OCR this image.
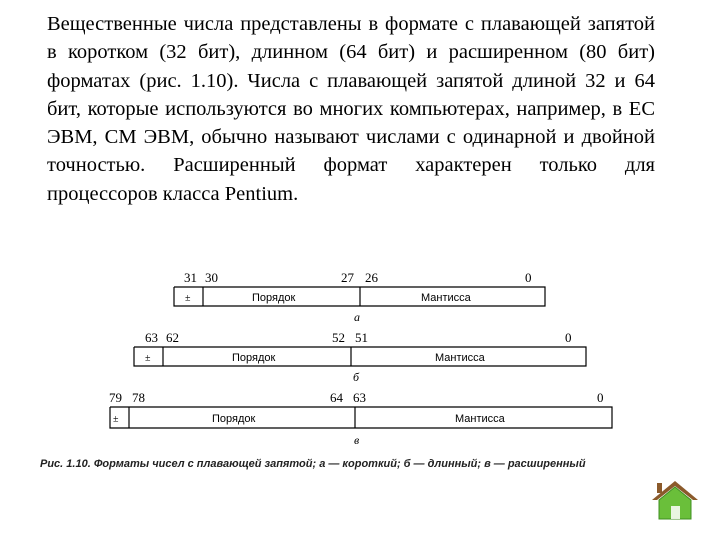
Вещественные числа представлены в формате с плавающей запятой в коротком (32 бит), длинном (64 бит) и расширенном (80 бит) форматах (рис. 1.10). Числа с плавающей запятой длиной 32 и 64 бит, которые используются во многих компьютерах, например, в ЕС ЭВМ, СМ ЭВМ, обычно называют числами с одинарной и двойной точностью. Расширенный формат характерен только для процессоров класса Pentium.
31 30	27 26	0
±	Порядок	Мантисса
а
63 62	52 51	0
±	Порядок	Мантисса
б
79 78	64 63	0
±	Порядок	Мантисса
в
Рис. 1.10. Форматы чисел с плавающей запятой; а — короткий; б — длинный; в — расширенный
